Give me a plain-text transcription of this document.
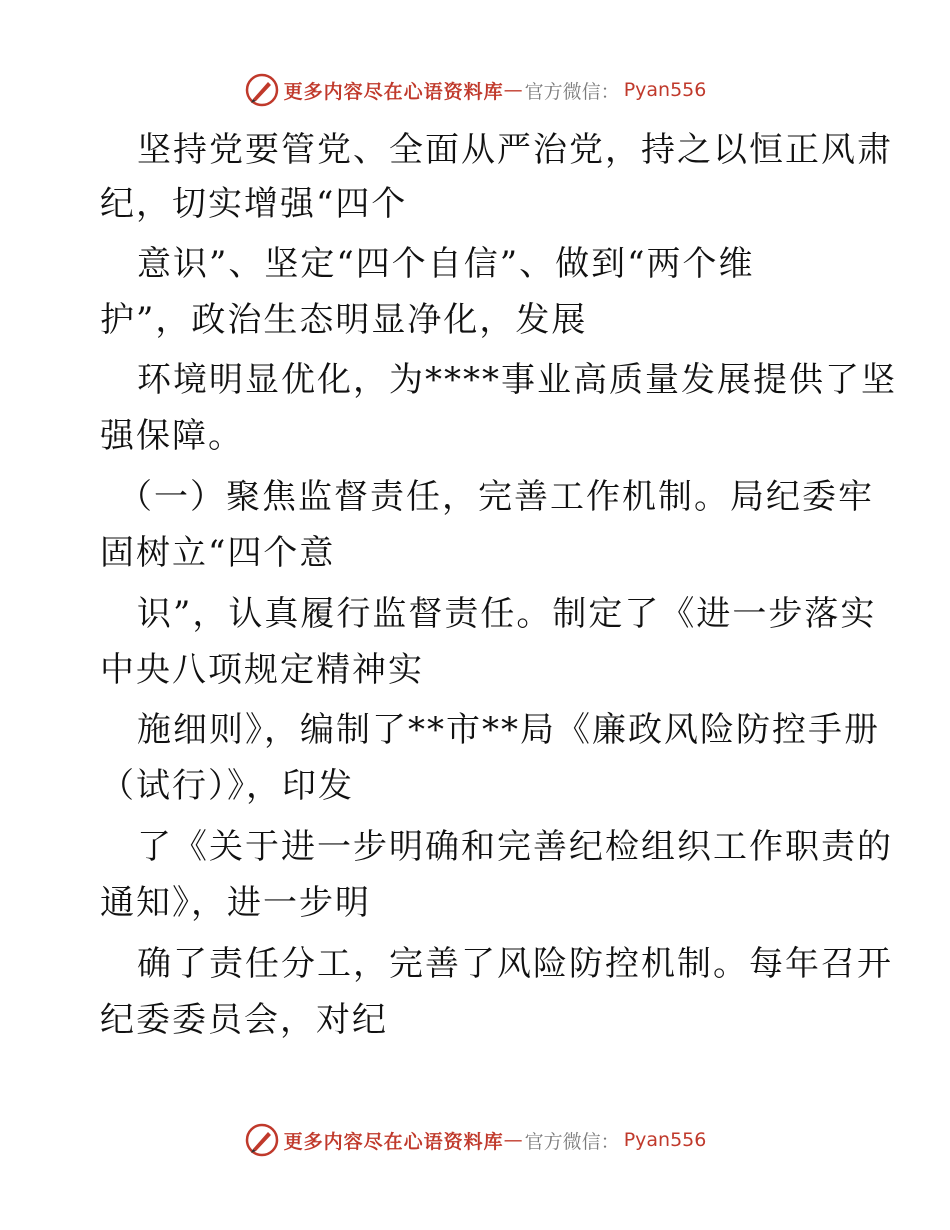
更多内容尽在心语资料库 — 官方微信： Pyan556
坚持党要管党、全面从严治党，持之以恒正风肃
纪，切实增强“四个
意识”、坚定“四个自信”、做到“两个维
护”，政治生态明显净化，发展
环境明显优化，为****事业高质量发展提供了坚
强保障。
（一）聚焦监督责任，完善工作机制。局纪委牢
固树立“四个意
识”，认真履行监督责任。制定了《进一步落实
中央八项规定精神实
施细则》，编制了**市**局《廉政风险防控手册
（试行）》，印发
了《关于进一步明确和完善纪检组织工作职责的
通知》，进一步明
确了责任分工，完善了风险防控机制。每年召开
纪委委员会，对纪
更多内容尽在心语资料库 — 官方微信： Pyan556
